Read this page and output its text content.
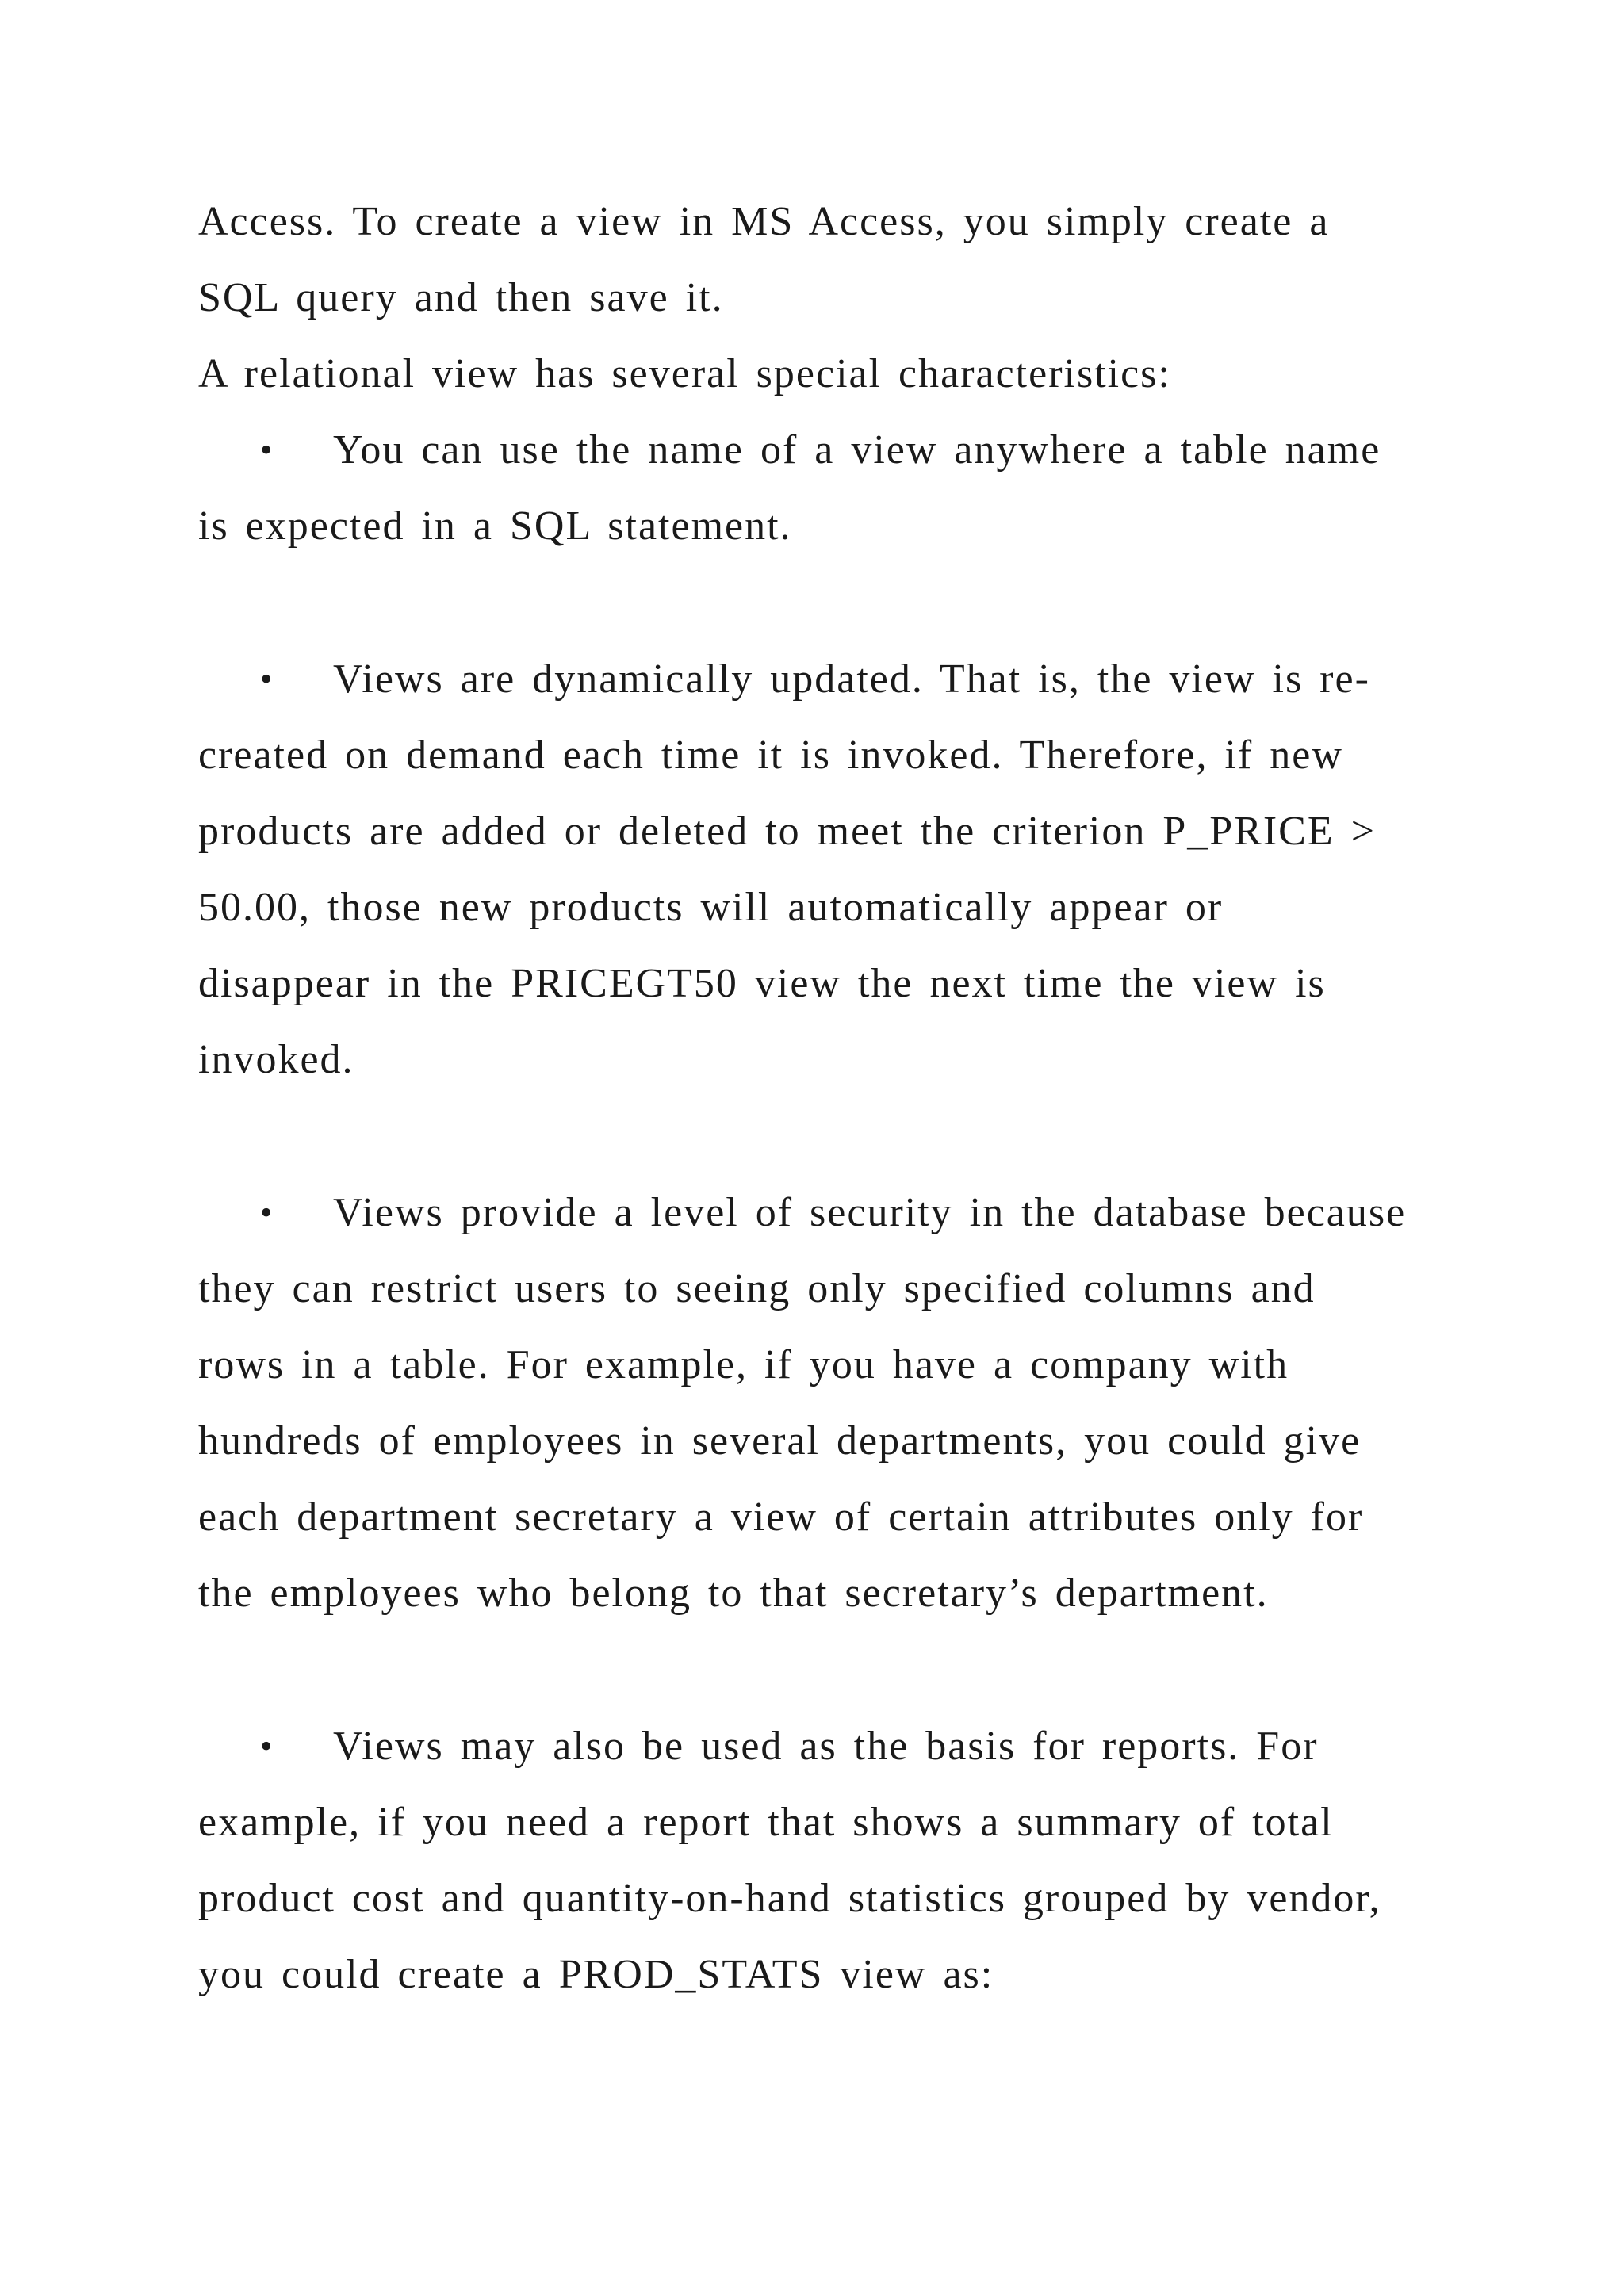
Access. To create a view in MS Access, you simply create a
SQL query and then save it.
A relational view has several special characteristics:
• You can use the name of a view anywhere a table name
is expected in a SQL statement.
• Views are dynamically updated. That is, the view is re-
created on demand each time it is invoked. Therefore, if new
products are added or deleted to meet the criterion P_PRICE >
50.00, those new products will automatically appear or
disappear in the PRICEGT50 view the next time the view is
invoked.
• Views provide a level of security in the database because
they can restrict users to seeing only specified columns and
rows in a table. For example, if you have a company with
hundreds of employees in several departments, you could give
each department secretary a view of certain attributes only for
the employees who belong to that secretary’s department.
• Views may also be used as the basis for reports. For
example, if you need a report that shows a summary of total
product cost and quantity-on-hand statistics grouped by vendor,
you could create a PROD_STATS view as:
